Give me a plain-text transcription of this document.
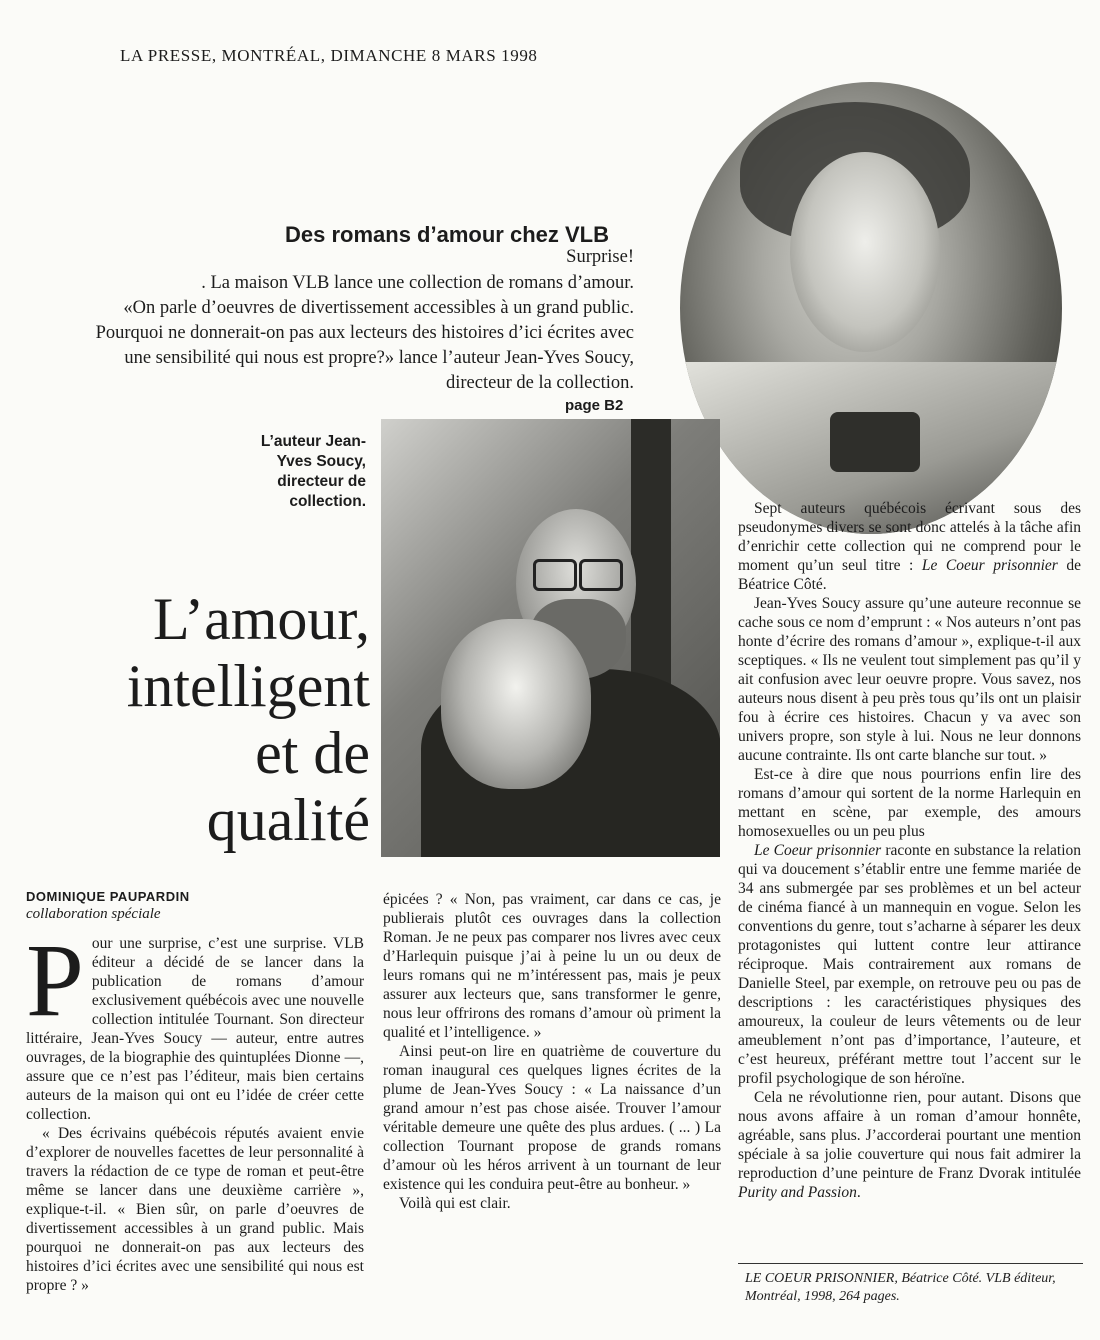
LA PRESSE, MONTRÉAL, DIMANCHE 8 MARS 1998
Des romans d’amour chez VLB
Surprise!
. La maison VLB lance une collection de romans d’amour.
«On parle d’oeuvres de divertissement accessibles à un grand public.
Pourquoi ne donnerait-on pas aux lecteurs des histoires d’ici écrites avec
une sensibilité qui nous est propre?» lance l’auteur Jean-Yves Soucy,
directeur de la collection.
page B2
L’auteur Jean-Yves Soucy, directeur de collection.
L’amour,
intelligent
et de
qualité
DOMINIQUE PAUPARDIN
collaboration spéciale
P our une surprise, c’est une surprise. VLB éditeur a décidé de se lancer dans la publication de romans d’amour exclusivement québécois avec une nouvelle collection intitulée Tournant. Son directeur littéraire, Jean-Yves Soucy — auteur, entre autres ouvrages, de la biographie des quintuplées Dionne —, assure que ce n’est pas l’éditeur, mais bien certains auteurs de la maison qui ont eu l’idée de créer cette collection.

« Des écrivains québécois réputés avaient envie d’explorer de nouvelles facettes de leur personnalité à travers la rédaction de ce type de roman et peut-être même se lancer dans une deuxième carrière », explique-t-il. « Bien sûr, on parle d’oeuvres de divertissement accessibles à un grand public. Mais pourquoi ne donnerait-on pas aux lecteurs des histoires d’ici écrites avec une sensibilité qui nous est propre ? »

épicées ? « Non, pas vraiment, car dans ce cas, je publierais plutôt ces ouvrages dans la collection Roman. Je ne peux pas comparer nos livres avec ceux d’Harlequin puisque j’ai à peine lu un ou deux de leurs romans qui ne m’intéressent pas, mais je peux assurer aux lecteurs que, sans transformer le genre, nous leur offrirons des romans d’amour où priment la qualité et l’intelligence. »

Ainsi peut-on lire en quatrième de couverture du roman inaugural ces quelques lignes écrites de la plume de Jean-Yves Soucy : « La naissance d’un grand amour n’est pas chose aisée. Trouver l’amour véritable demeure une quête des plus ardues. ( ... ) La collection Tournant propose de grands romans d’amour où les héros arrivent à un tournant de leur existence qui les conduira peut-être au bonheur. »

Voilà qui est clair.

Sept auteurs québécois écrivant sous des pseudonymes divers se sont donc attelés à la tâche afin d’enrichir cette collection qui ne comprend pour le moment qu’un seul titre : Le Coeur prisonnier de Béatrice Côté.

Jean-Yves Soucy assure qu’une auteure reconnue se cache sous ce nom d’emprunt : « Nos auteurs n’ont pas honte d’écrire des romans d’amour », explique-t-il aux sceptiques. « Ils ne veulent tout simplement pas qu’il y ait confusion avec leur oeuvre propre. Vous savez, nos auteurs nous disent à peu près tous qu’ils ont un plaisir fou à écrire ces histoires. Chacun y va avec son univers propre, son style à lui. Nous ne leur donnons aucune contrainte. Ils ont carte blanche sur tout. »

Est-ce à dire que nous pourrions enfin lire des romans d’amour qui sortent de la norme Harlequin en mettant en scène, par exemple, des amours homosexuelles ou un peu plus

Le Coeur prisonnier raconte en substance la relation qui va doucement s’établir entre une femme mariée de 34 ans submergée par ses problèmes et un bel acteur de cinéma fiancé à un mannequin en vogue. Selon les conventions du genre, tout s’acharne à séparer les deux protagonistes qui luttent contre leur attirance réciproque. Mais contrairement aux romans de Danielle Steel, par exemple, on retrouve peu ou pas de descriptions : les caractéristiques physiques des amoureux, la couleur de leurs vêtements ou de leur ameublement n’ont pas d’importance, l’auteure, et c’est heureux, préférant mettre tout l’accent sur le profil psychologique de son héroïne.

Cela ne révolutionne rien, pour autant. Disons que nous avons affaire à un roman d’amour honnête, agréable, sans plus. J’accorderai pourtant une mention spéciale à sa jolie couverture qui nous fait admirer la reproduction d’une peinture de Franz Dvorak intitulée Purity and Passion.

LE COEUR PRISONNIER, Béatrice Côté. VLB éditeur, Montréal, 1998, 264 pages.
